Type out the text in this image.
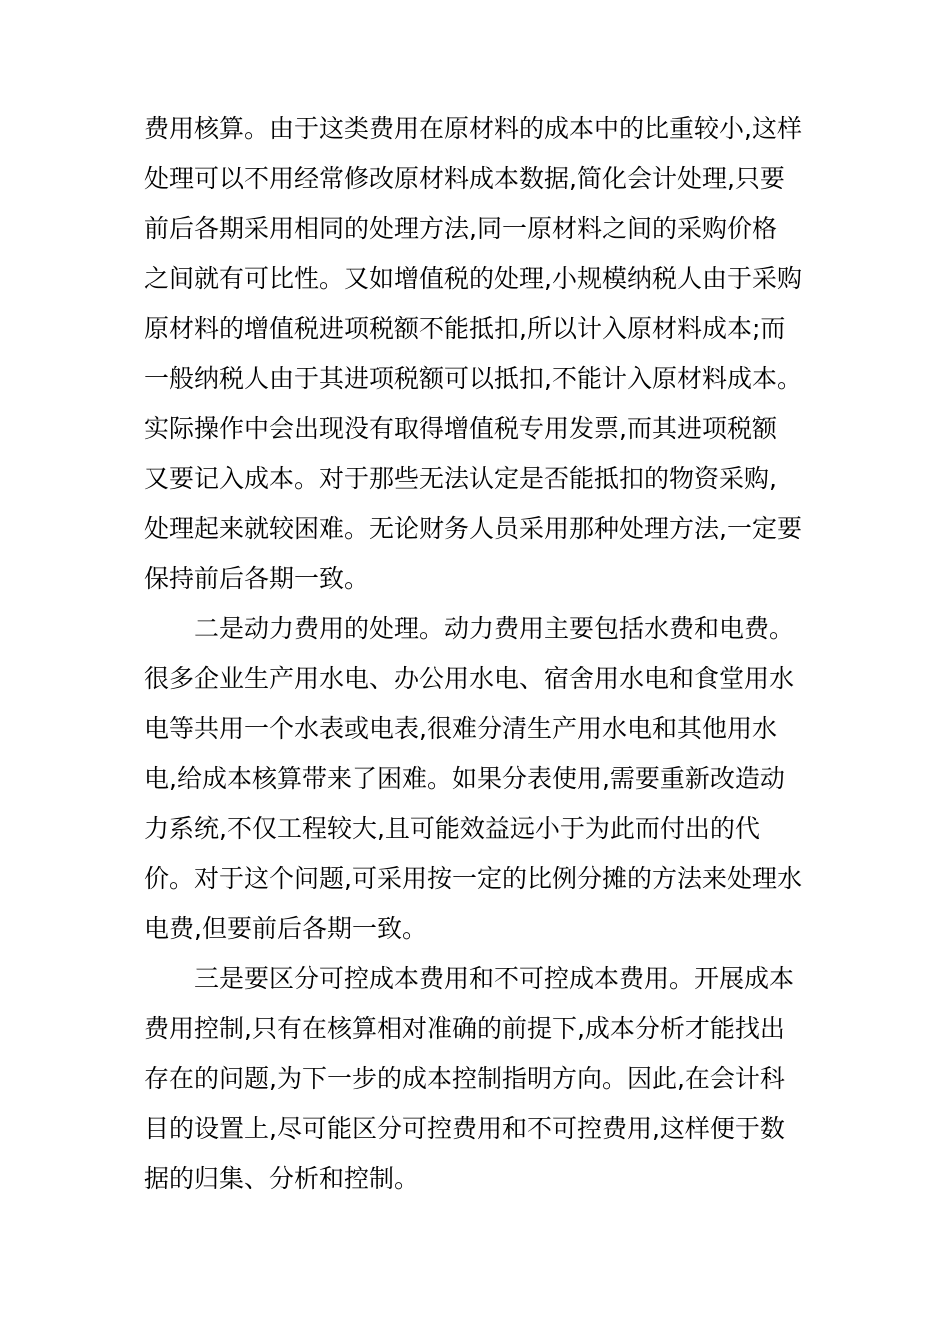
费用核算。由于这类费用在原材料的成本中的比重较小,这样
处理可以不用经常修改原材料成本数据,简化会计处理,只要
前后各期采用相同的处理方法,同一原材料之间的采购价格
之间就有可比性。又如增值税的处理,小规模纳税人由于采购
原材料的增值税进项税额不能抵扣,所以计入原材料成本;而
一般纳税人由于其进项税额可以抵扣,不能计入原材料成本。
实际操作中会出现没有取得增值税专用发票,而其进项税额
又要记入成本。对于那些无法认定是否能抵扣的物资采购,
处理起来就较困难。无论财务人员采用那种处理方法,一定要
保持前后各期一致。
二是动力费用的处理。动力费用主要包括水费和电费。
很多企业生产用水电、办公用水电、宿舍用水电和食堂用水
电等共用一个水表或电表,很难分清生产用水电和其他用水
电,给成本核算带来了困难。如果分表使用,需要重新改造动
力系统,不仅工程较大,且可能效益远小于为此而付出的代
价。对于这个问题,可采用按一定的比例分摊的方法来处理水
电费,但要前后各期一致。
三是要区分可控成本费用和不可控成本费用。开展成本
费用控制,只有在核算相对准确的前提下,成本分析才能找出
存在的问题,为下一步的成本控制指明方向。因此,在会计科
目的设置上,尽可能区分可控费用和不可控费用,这样便于数
据的归集、分析和控制。
